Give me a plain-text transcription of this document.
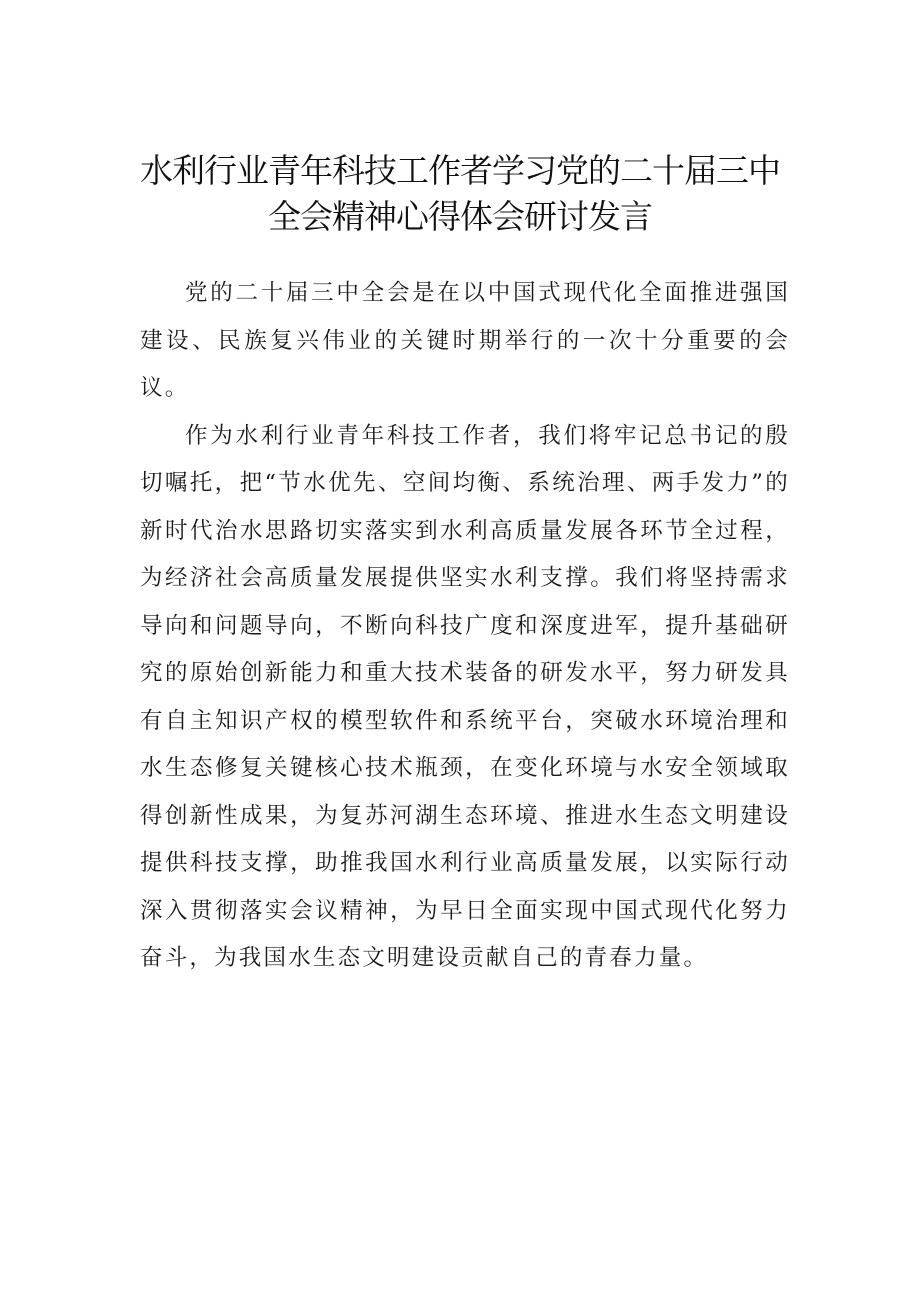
水利行业青年科技工作者学习党的二十届三中
全会精神心得体会研讨发言

党的二十届三中全会是在以中国式现代化全面推进强国建设、民族复兴伟业的关键时期举行的一次十分重要的会议。

作为水利行业青年科技工作者，我们将牢记总书记的殷切嘱托，把“节水优先、空间均衡、系统治理、两手发力”的新时代治水思路切实落实到水利高质量发展各环节全过程，为经济社会高质量发展提供坚实水利支撑。我们将坚持需求导向和问题导向，不断向科技广度和深度进军，提升基础研究的原始创新能力和重大技术装备的研发水平，努力研发具有自主知识产权的模型软件和系统平台，突破水环境治理和水生态修复关键核心技术瓶颈，在变化环境与水安全领域取得创新性成果，为复苏河湖生态环境、推进水生态文明建设提供科技支撑，助推我国水利行业高质量发展，以实际行动深入贯彻落实会议精神，为早日全面实现中国式现代化努力奋斗，为我国水生态文明建设贡献自己的青春力量。
